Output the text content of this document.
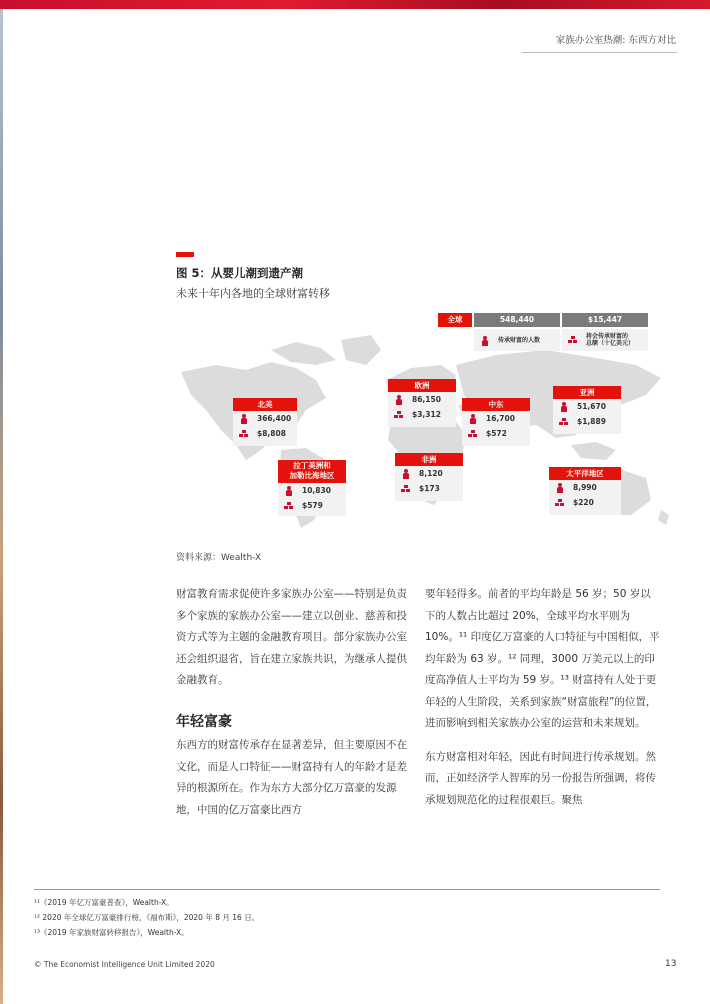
家族办公室热潮: 东西方对比
图 5：从婴儿潮到遗产潮
未来十年内各地的全球财富转移
全球	548,440	$15,447
传承财富的人数	将会传承财富的
总额（十亿美元）
北美
366,400
$8,808
欧洲
86,150
$3,312
中东
16,700
$572
亚洲
51,670
$1,889
拉丁美洲和
加勒比海地区
10,830
$579
非洲
8,120
$173
太平洋地区
8,990
$220
资料来源：Wealth-X

财富教育需求促使许多家族办公室——特别是负责多个家族的家族办公室——建立以创业、慈善和投资方式等为主题的金融教育项目。部分家族办公室还会组织退省，旨在建立家族共识，为继承人提供金融教育。

年轻富豪

东西方的财富传承存在显著差异，但主要原因不在文化，而是人口特征——财富持有人的年龄才是差异的根源所在。作为东方大部分亿万富豪的发源地，中国的亿万富豪比西方

要年轻得多。前者的平均年龄是 56 岁；50 岁以下的人数占比超过 20%，全球平均水平则为 10%。¹¹ 印度亿万富豪的人口特征与中国相似，平均年龄为 63 岁。¹² 同理，3000 万美元以上的印度高净值人士平均为 59 岁。¹³ 财富持有人处于更年轻的人生阶段，关系到家族“财富旅程”的位置，进而影响到相关家族办公室的运营和未来规划。

东方财富相对年轻，因此有时间进行传承规划。然而，正如经济学人智库的另一份报告所强调，将传承规划规范化的过程很艰巨。聚焦

¹¹《2019 年亿万富豪普查》，Wealth-X。
¹² 2020 年全球亿万富豪排行榜，《福布斯》，2020 年 8 月 16 日。
¹³《2019 年家族财富转移报告》，Wealth-X。
© The Economist Intelligence Unit Limited 2020	13
